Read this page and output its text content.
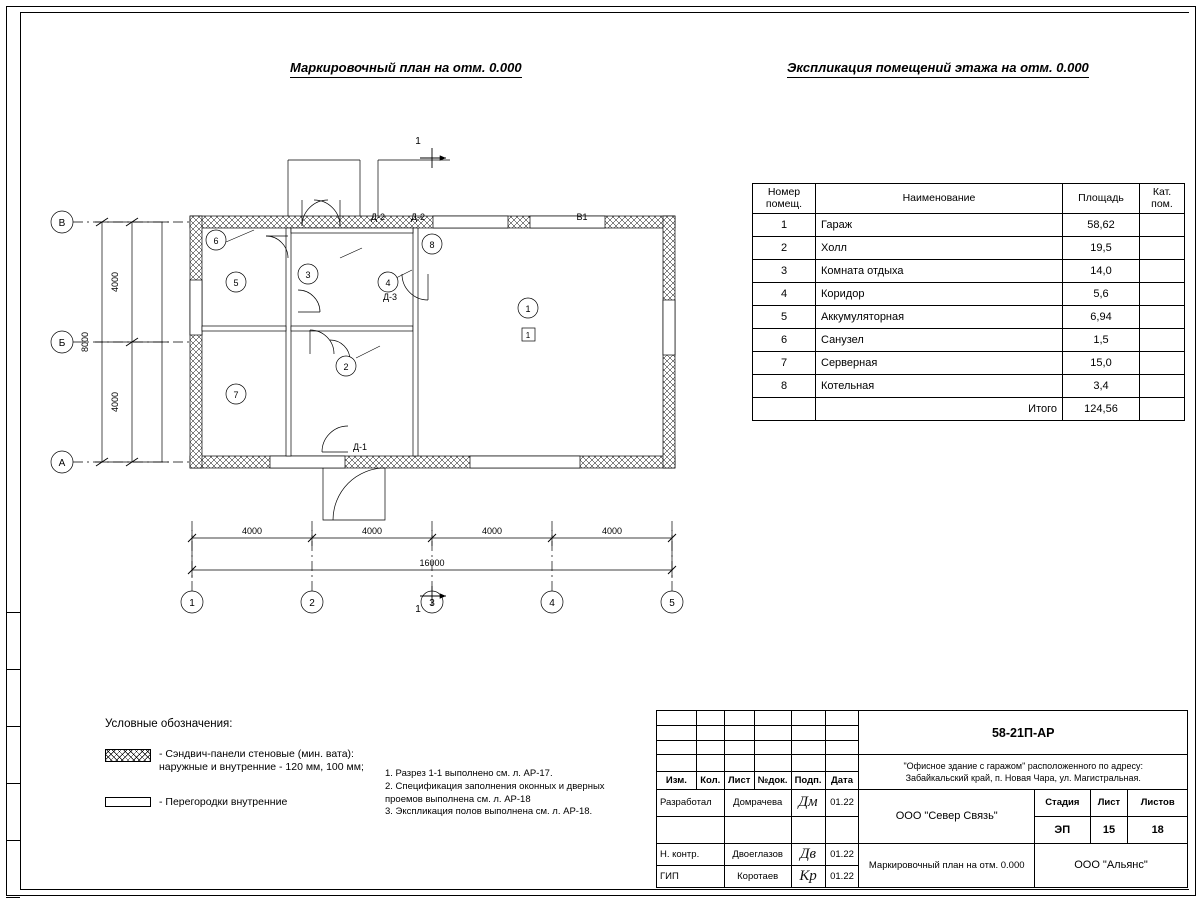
Маркировочный план на отм. 0.000	Экспликация помещений этажа на отм. 0.000
В
Б
А
1	2	3	4	5
4000	4000	4000	4000
16000
4000
4000
8000
1
2
3
4
5
6
7
8
1
Д-2	Д-2
Д-3
Д-1
В1
1
1
Номер
помещ.	Наименование	Площадь	Кат.
пом.

1	Гараж	58,62	
2	Холл	19,5	
3	Комната отдыха	14,0	
4	Коридор	5,6	
5	Аккумуляторная	6,94	
6	Санузел	1,5	
7	Серверная	15,0	
8	Котельная	3,4	
	Итого	124,56	
Условные обозначения:
- Сэндвич-панели стеновые (мин. вата):
наружные и внутренние - 120 мм, 100 мм;
- Перегородки внутренние
1. Разрез 1-1 выполнено см. л. АР-17.
2. Спецификация заполнения оконных и дверных
проемов выполнена см. л. АР-18
3. Экспликация полов выполнена см. л. АР-18.
						58-21П-АР			

						"Офисное здание с гаражом" расположенного по адресу:
Забайкальский край, п. Новая Чара, ул. Магистральная.			

Изм.	Кол.	Лист	№док.	Подп.	Дата				
Разработал		Домрачева		Дм	01.22	ООО "Север Связь"	Стадия	Лист	Листов
							ЭП	15	18
Н. контр.		Двоеглазов		Дв	01.22	Маркировочный план на отм. 0.000	ООО "Альянс"		
ГИП		Коротаев		Кр	01.22				
